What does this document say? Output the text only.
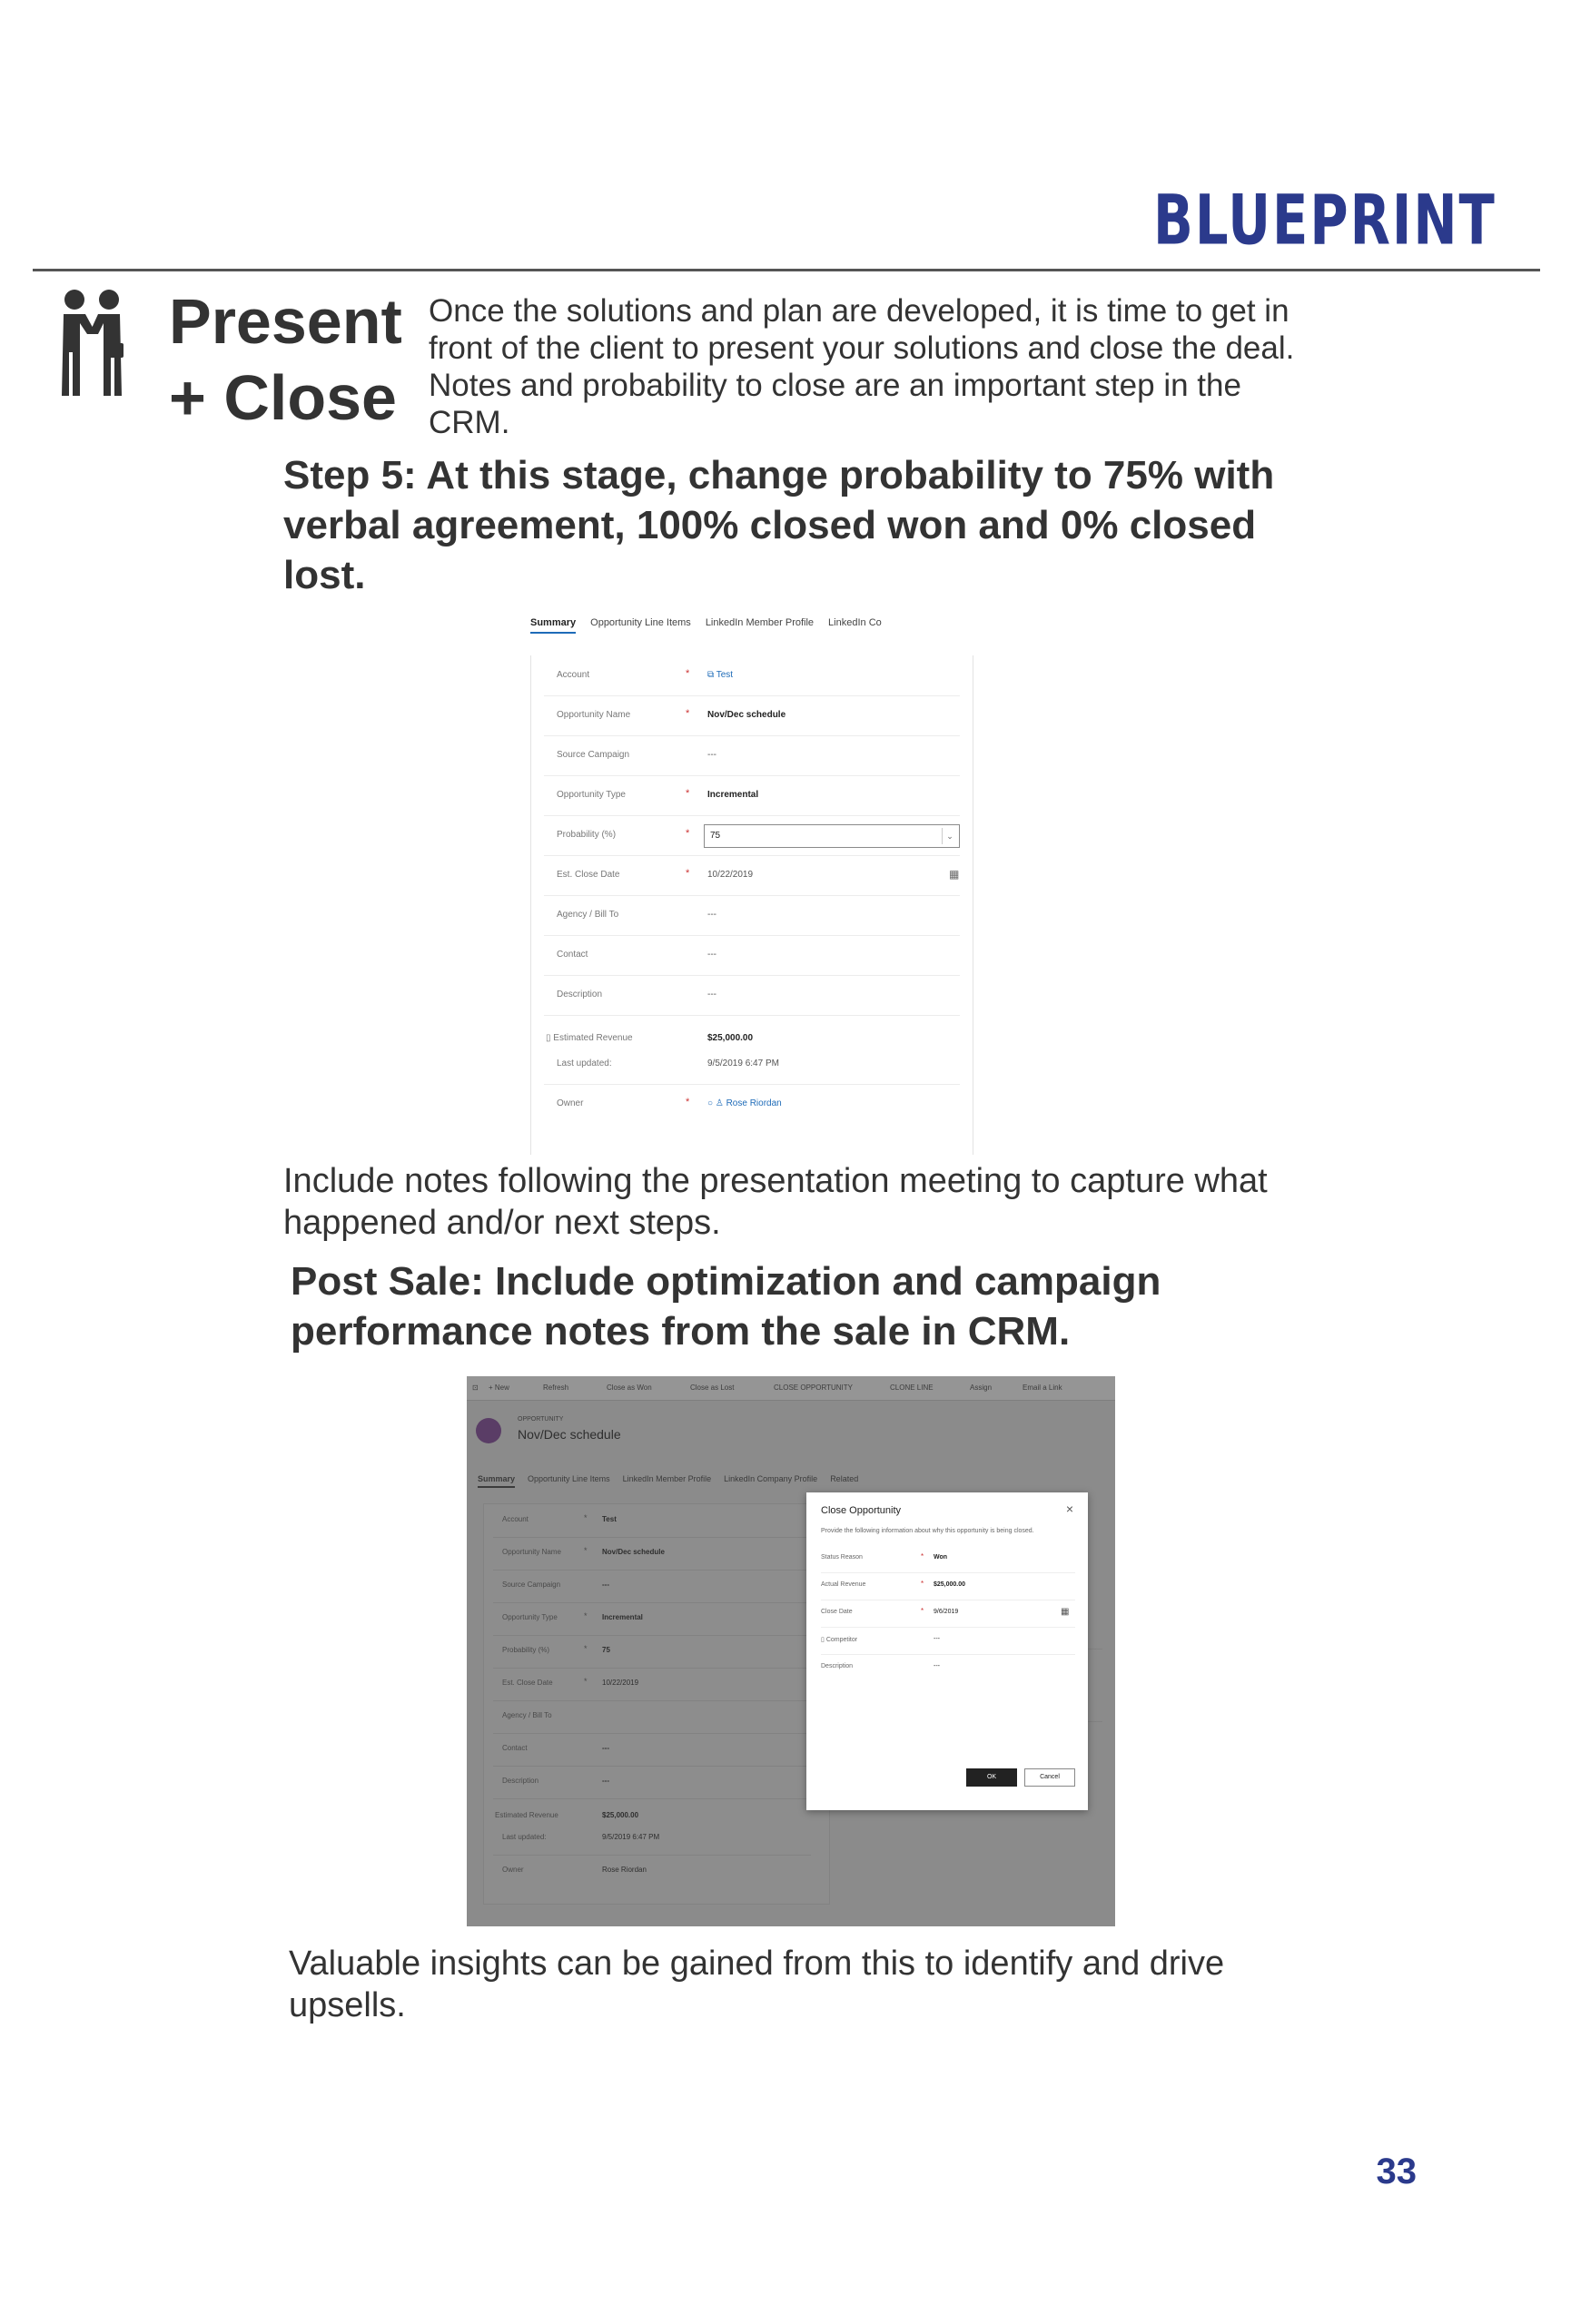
BLUEPRINT
Present
+ Close
Once the solutions and plan are developed, it is time to get in front of the client to present your solutions and close the deal. Notes and probability to close are an important step in the CRM.
Step 5: At this stage, change probability to 75% with verbal agreement, 100% closed won and 0% closed lost.
Summary Opportunity Line Items LinkedIn Member Profile LinkedIn Co
Account	* ⧉ Test
Opportunity Name	* Nov/Dec schedule
Source Campaign	---
Opportunity Type	* Incremental
Probability (%)	* 75	⌄
Est. Close Date	* 10/22/2019	▦
Agency / Bill To	---
Contact	---
Description	---
▯ Estimated Revenue	$25,000.00
Last updated:	9/5/2019 6:47 PM
Owner	* ○ ♙ Rose Riordan
Include notes following the presentation meeting to capture what happened and/or next steps.
Post Sale: Include optimization and campaign performance notes from the sale in CRM.
⊡ + New	Refresh	Close as Won	Close as Lost	CLOSE OPPORTUNITY	CLONE LINE	Assign	Email a Link
OPPORTUNITY
Nov/Dec schedule
Summary Opportunity Line Items LinkedIn Member Profile LinkedIn Company Profile Related
Account	* Test
Opportunity Name	* Nov/Dec schedule
Source Campaign	---
Opportunity Type	* Incremental
Probability (%)	* 75
Est. Close Date	* 10/22/2019
Agency / Bill To
Contact	---
Description	---
Estimated Revenue	$25,000.00
Last updated:	9/5/2019 6:47 PM
Owner	Rose Riordan
Close Opportunity	×
Provide the following information about why this opportunity is being closed.
Status Reason	* Won
Actual Revenue	* $25,000.00
Close Date	* 9/6/2019	▦
▯ Competitor	---
Description	---
OK	Cancel
Valuable insights can be gained from this to identify and drive upsells.
33
